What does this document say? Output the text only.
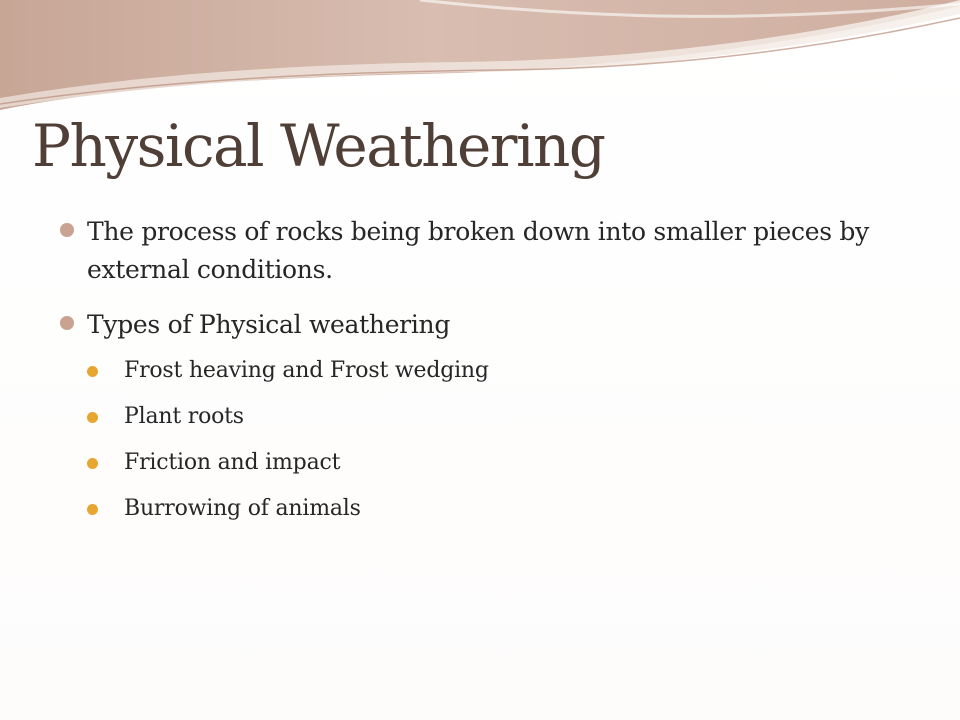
Physical Weathering
The process of rocks being broken down into smaller pieces by external conditions.
Types of Physical weathering
Frost heaving and Frost wedging
Plant roots
Friction and impact
Burrowing of animals
